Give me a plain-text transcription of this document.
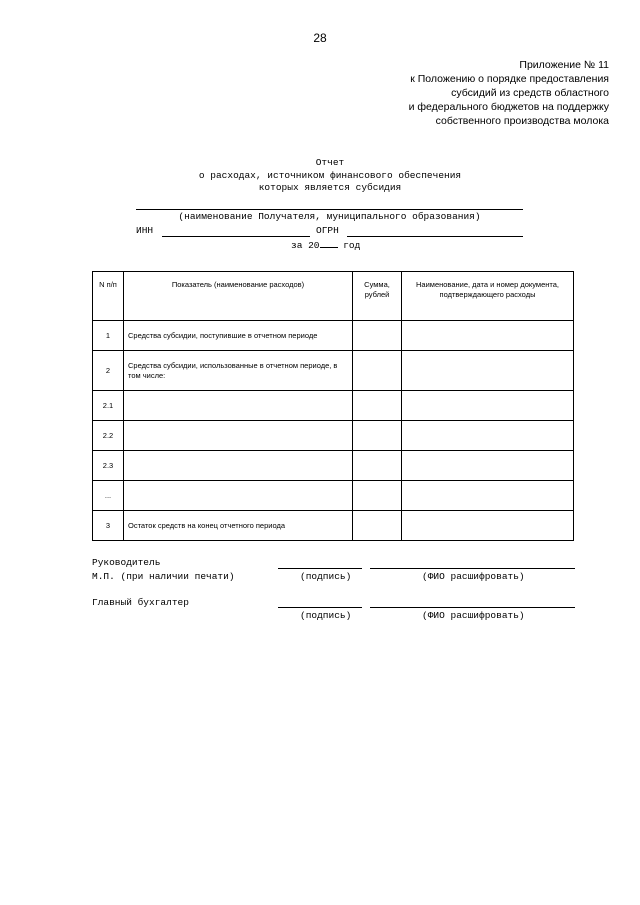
28
Приложение № 11
к Положению о порядке предоставления
субсидий из средств областного
и федерального бюджетов на поддержку
собственного производства молока
Отчет
о расходах, источником финансового обеспечения
которых является субсидия
(наименование Получателя, муниципального образования)
ИНН	ОГРН
за 20 год
N п/п	Показатель (наименование расходов)	Сумма, рублей	Наименование, дата и номер документа, подтверждающего расходы
1	Средства субсидии, поступившие в отчетном периоде		
2	Средства субсидии, использованные в отчетном периоде, в том числе:		
2.1			
2.2			
2.3			
...			
3	Остаток средств на конец отчетного периода		
Руководитель
М.П. (при наличии печати)	(подпись)	(ФИО расшифровать)
Главный бухгалтер
(подпись)	(ФИО расшифровать)
